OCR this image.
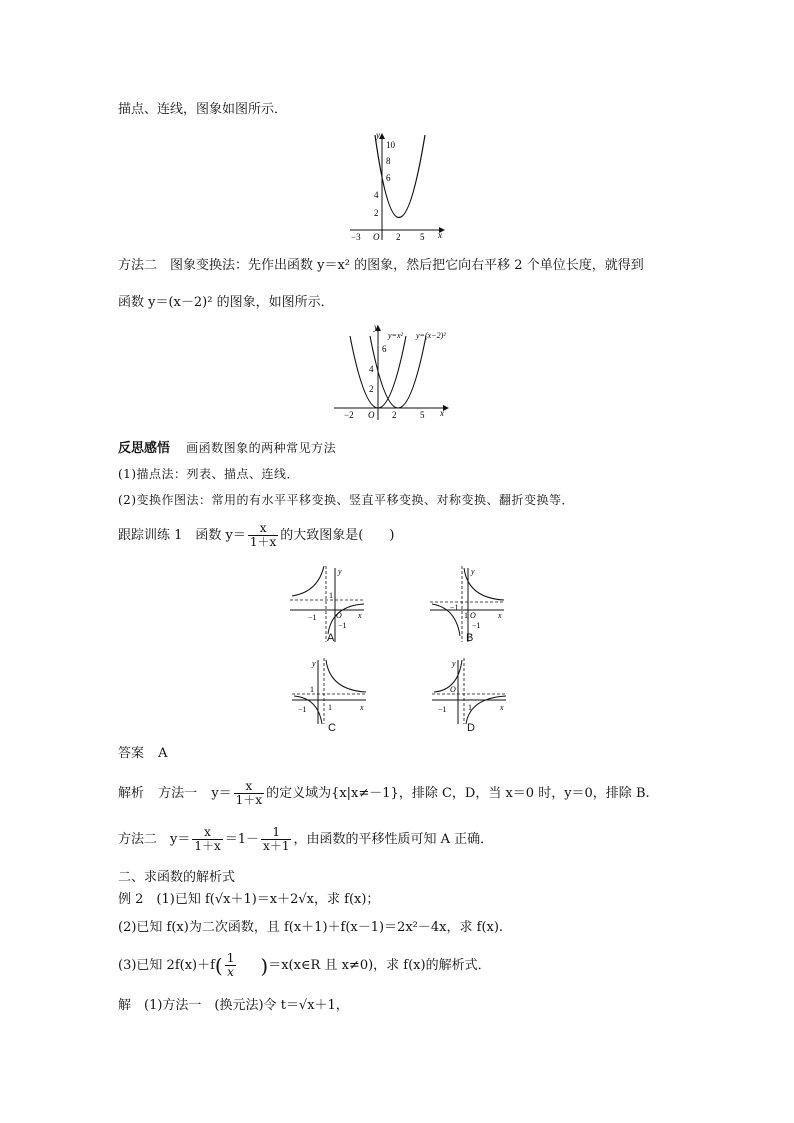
描点、连线，图象如图所示．
y
10
8
6
4
2
−3 O 2 5 x
方法二　图象变换法：先作出函数 y＝x² 的图象，然后把它向右平移 2 个单位长度，就得到
函数 y＝(x－2)² 的图象，如图所示．
y=x² y=(x−2)²
y
6
4
2
−2 O 2	5 x
反思感悟 画函数图象的两种常见方法
(1)描点法：列表、描点、连线．
(2)变换作图法：常用的有水平平移变换、竖直平移变换、对称变换、翻折变换等．
跟踪训练 1　函数 $y= \frac{x}{1+x}$ 的大致图象是(　　)
y
1
−1 O
−1
x
A
y
−1
O
1
−1
x
B
y
1
−1	1	x
C
y
O
−1	1	x
D
答案 A
解析 方法一 $y= \frac{x}{1+x}$ 的定义域为{x|x≠－1}，排除 C，D，当 x＝0 时，y＝0，排除 B.
方法二　$y= \frac{x}{1+x} =1- \frac{1}{x+1}$ ，由函数的平移性质可知 A 正确．
二、求函数的解析式
例 2　(1)已知 f(√x＋1)＝x＋2√x，求 f(x)；
(2)已知 f(x)为二次函数，且 f(x＋1)＋f(x－1)＝2x²－4x，求 f(x).
(3)已知 $2f(x)+f( \frac{1}{x}$ )＝x(x∈R 且 x≠0)，求 f(x)的解析式．
解　(1)方法一　(换元法)令 t＝√x＋1，
